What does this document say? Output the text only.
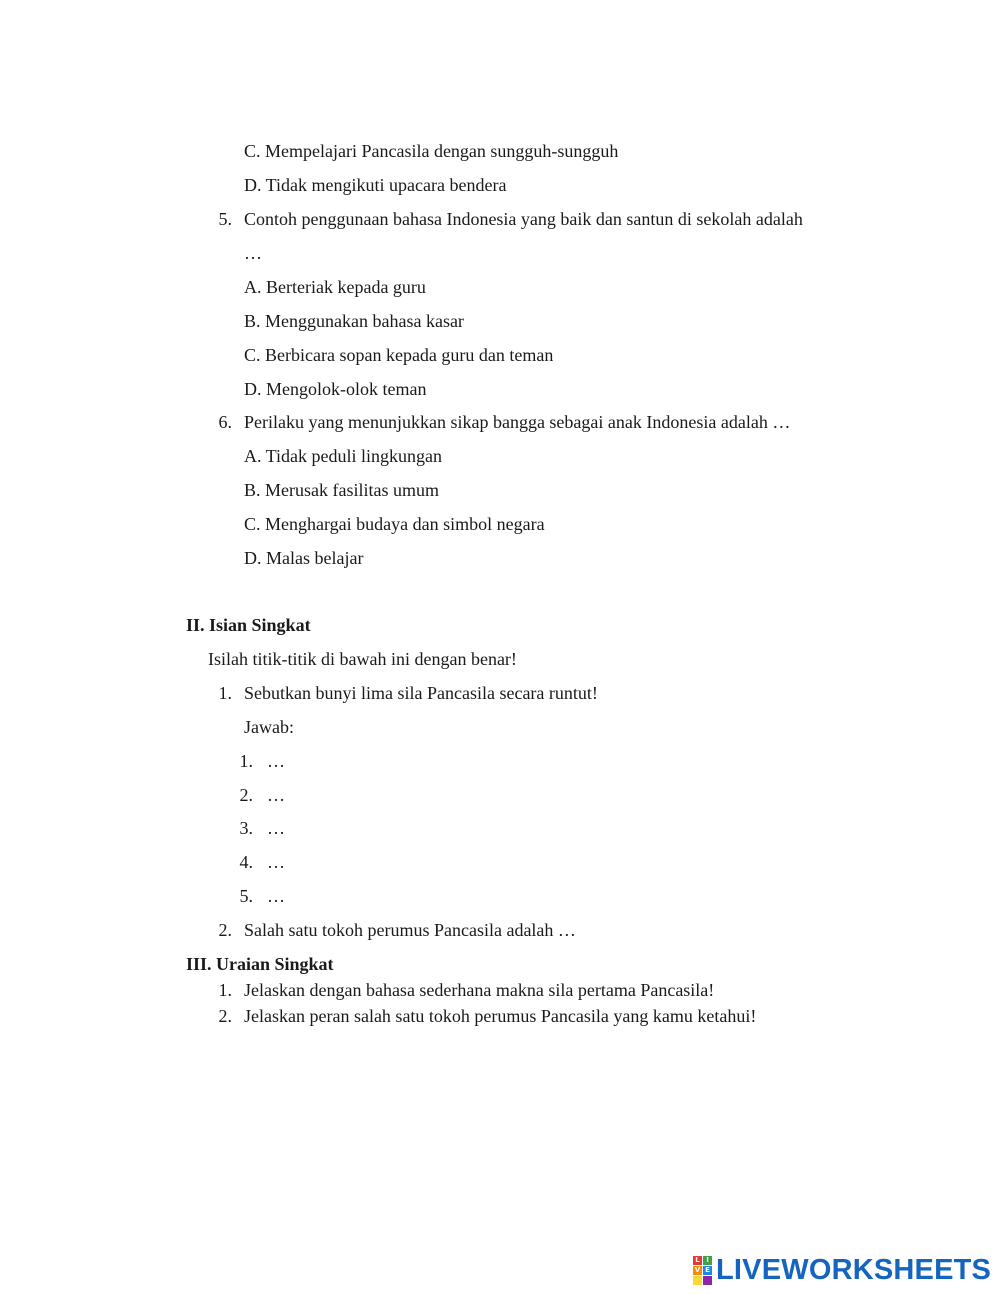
C. Mempelajari Pancasila dengan sungguh-sungguh
D. Tidak mengikuti upacara bendera
5. Contoh penggunaan bahasa Indonesia yang baik dan santun di sekolah adalah
…
A. Berteriak kepada guru
B. Menggunakan bahasa kasar
C. Berbicara sopan kepada guru dan teman
D. Mengolok-olok teman
6. Perilaku yang menunjukkan sikap bangga sebagai anak Indonesia adalah …
A. Tidak peduli lingkungan
B. Merusak fasilitas umum
C. Menghargai budaya dan simbol negara
D. Malas belajar
II. Isian Singkat
Isilah titik-titik di bawah ini dengan benar!
1. Sebutkan bunyi lima sila Pancasila secara runtut!
Jawab:
1. …
2. …
3. …
4. …
5. …
2. Salah satu tokoh perumus Pancasila adalah …
III. Uraian Singkat
1. Jelaskan dengan bahasa sederhana makna sila pertama Pancasila!
2. Jelaskan peran salah satu tokoh perumus Pancasila yang kamu ketahui!
L I
V E LIVEWORKSHEETS
